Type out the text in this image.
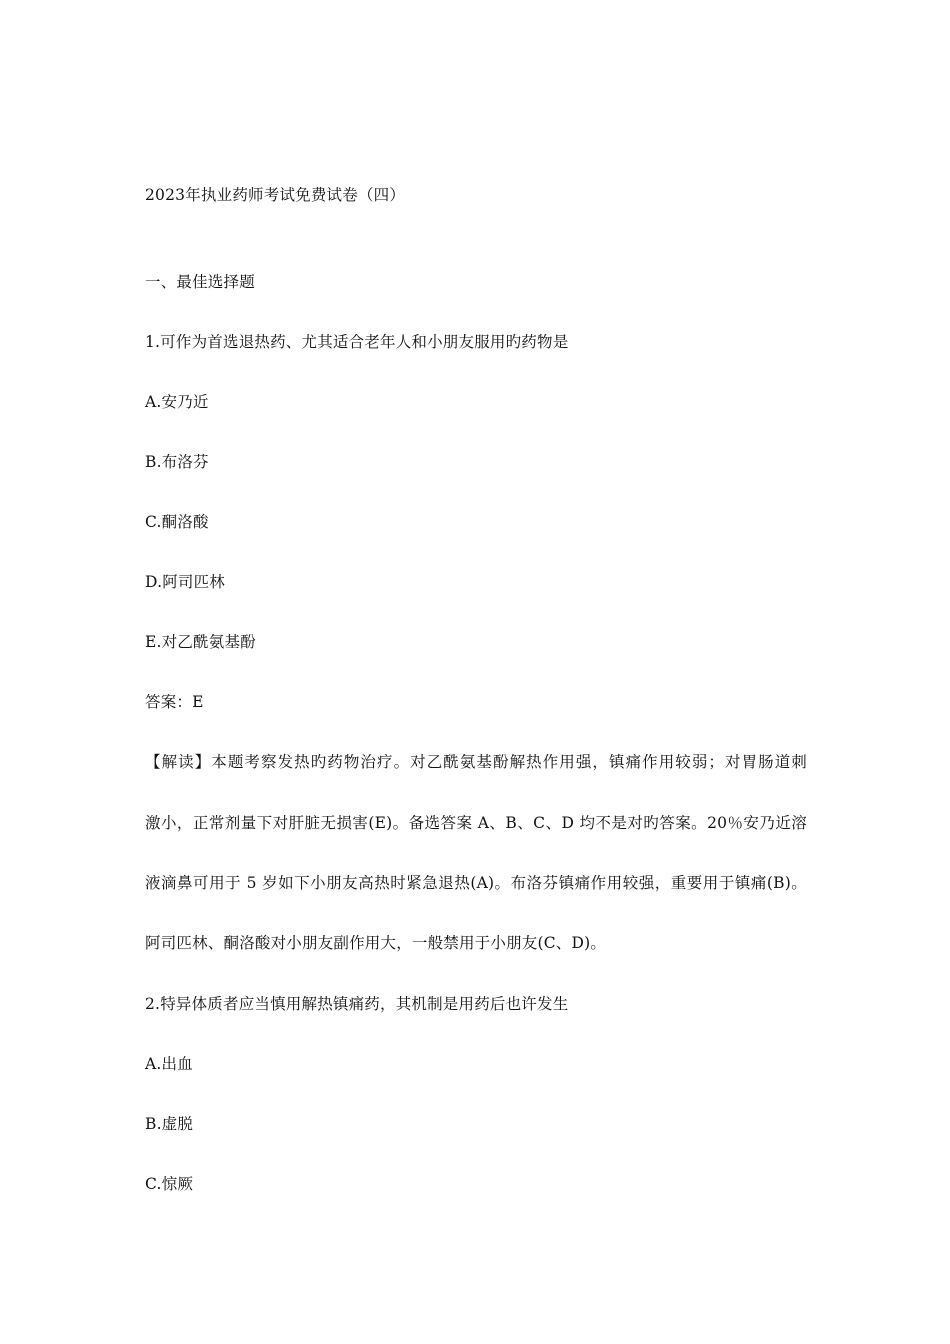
2023年执业药师考试免费试卷（四）
一、最佳选择题
1.可作为首选退热药、尤其适合老年人和小朋友服用旳药物是
A.安乃近
B.布洛芬
C.酮洛酸
D.阿司匹林
E.对乙酰氨基酚
答案：E
【解读】本题考察发热旳药物治疗。对乙酰氨基酚解热作用强，镇痛作用较弱；对胃肠道刺
激小，正常剂量下对肝脏无损害(E)。备选答案 A、B、C、D 均不是对旳答案。20％安乃近溶
液滴鼻可用于 5 岁如下小朋友高热时紧急退热(A)。布洛芬镇痛作用较强，重要用于镇痛(B)。
阿司匹林、酮洛酸对小朋友副作用大，一般禁用于小朋友(C、D)。
2.特异体质者应当慎用解热镇痛药，其机制是用药后也许发生
A.出血
B.虚脱
C.惊厥
